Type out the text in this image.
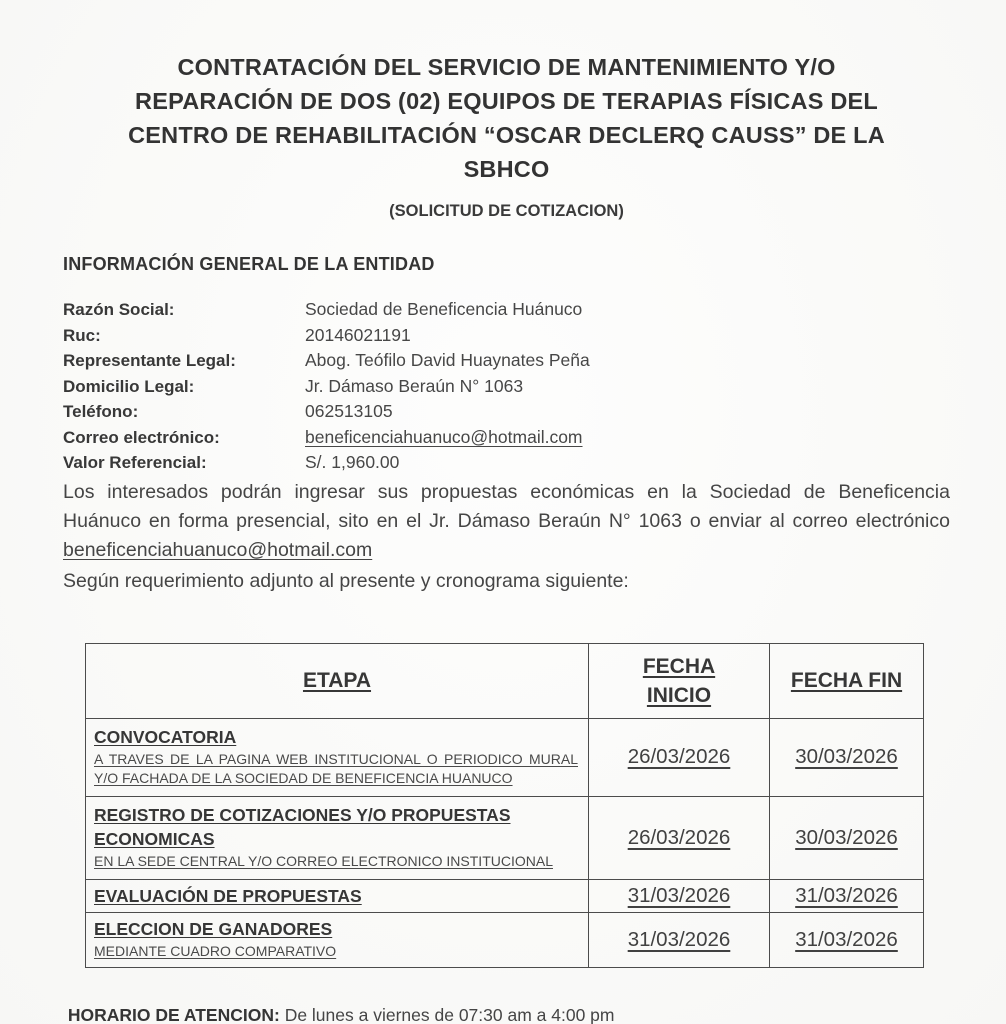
CONTRATACIÓN DEL SERVICIO DE MANTENIMIENTO Y/O REPARACIÓN DE DOS (02) EQUIPOS DE TERAPIAS FÍSICAS DEL CENTRO DE REHABILITACIÓN “OSCAR DECLERQ CAUSS” DE LA SBHCO
(SOLICITUD DE COTIZACION)
INFORMACIÓN GENERAL DE LA ENTIDAD
Razón Social:	Sociedad de Beneficencia Huánuco
Ruc:	20146021191
Representante Legal:	Abog. Teófilo David Huaynates Peña
Domicilio Legal:	Jr. Dámaso Beraún N° 1063
Teléfono:	062513105
Correo electrónico:	beneficenciahuanuco@hotmail.com
Valor Referencial:	S/. 1,960.00

Los interesados podrán ingresar sus propuestas económicas en la Sociedad de Beneficencia Huánuco en forma presencial, sito en el Jr. Dámaso Beraún N° 1063 o enviar al correo electrónico beneficenciahuanuco@hotmail.com

Según requerimiento adjunto al presente y cronograma siguiente:

ETAPA	FECHA INICIO	FECHA FIN

CONVOCATORIA
A TRAVES DE LA PAGINA WEB INSTITUCIONAL O PERIODICO MURAL Y/O FACHADA DE LA SOCIEDAD DE BENEFICENCIA HUANUCO	26/03/2026	30/03/2026

REGISTRO DE COTIZACIONES Y/O PROPUESTAS ECONOMICAS
EN LA SEDE CENTRAL Y/O CORREO ELECTRONICO INSTITUCIONAL	26/03/2026	30/03/2026

EVALUACIÓN DE PROPUESTAS	31/03/2026	31/03/2026

ELECCION DE GANADORES
MEDIANTE CUADRO COMPARATIVO	31/03/2026	31/03/2026

HORARIO DE ATENCION: De lunes a viernes de 07:30 am a 4:00 pm
